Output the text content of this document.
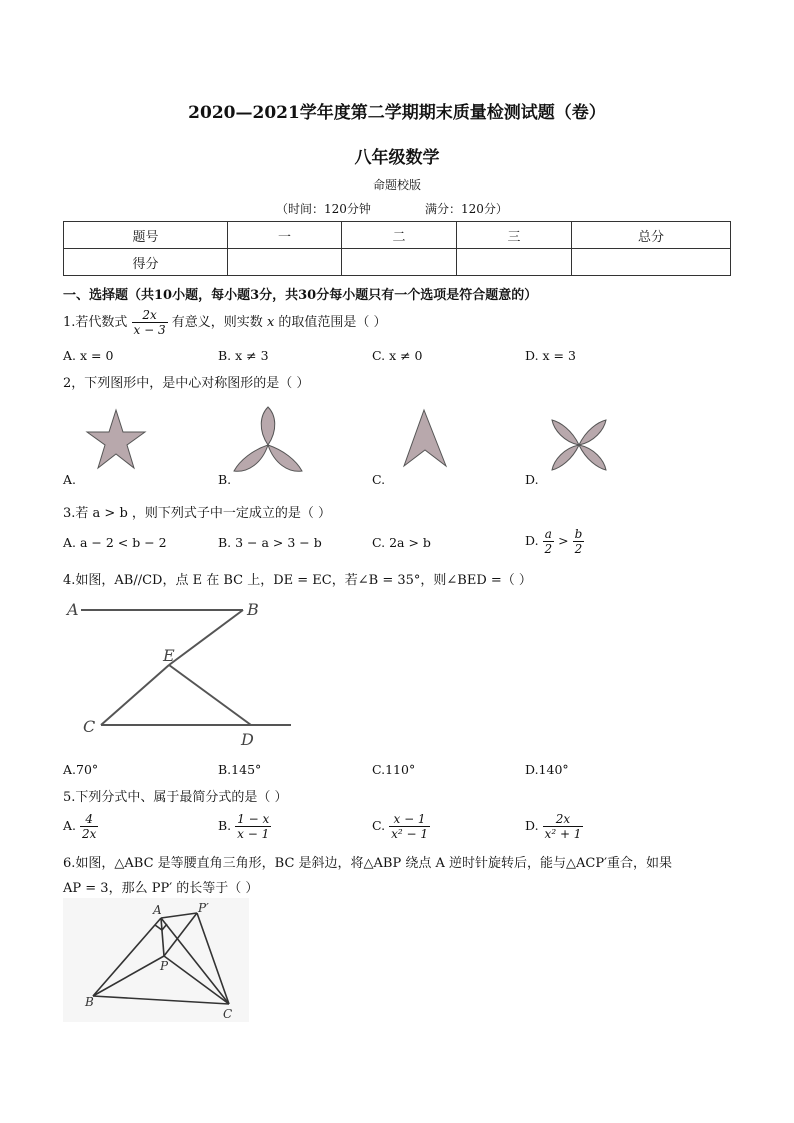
2020—2021学年度第二学期期末质量检测试题（卷）
八年级数学
命题校版
（时间：120分钟	满分：120分）
题号	一	二	三	总分
得分				
一、选择题（共10小题，每小题3分，共30分每小题只有一个选项是符合题意的）
1.若代数式 $\frac{2x}{x - 3}$ 有意义，则实数 x 的取值范围是（ ）
A. x = 0	B. x ≠ 3	C. x ≠ 0	D. x = 3
2，下列图形中，是中心对称图形的是（ ）
A.	B.	C.	D.
3.若 a > b ，则下列式子中一定成立的是（ ）
A. a − 2 < b − 2	B. 3 − a > 3 − b	C. 2a > b	D. $\frac{a}{2} > \frac{b}{2}$
4.如图，AB//CD，点 E 在 BC 上，DE = EC，若∠B = 35°，则∠BED =（ ）
A	B
E
C
D
A.70°	B.145°	C.110°	D.140°
5.下列分式中、属于最简分式的是（ ）
A. $\frac{4}{2x}$	B. $\frac{1 - x}{x - 1}$	C. $\frac{x - 1}{\text{x² − 1}}$	D. $\frac{2x}{\text{x² + 1}}$
6.如图，△ABC 是等腰直角三角形，BC 是斜边，将△ABP 绕点 A 逆时针旋转后，能与△ACP′重合，如果
AP = 3，那么 PP′ 的长等于（ ）
A	P′
P
B
C
